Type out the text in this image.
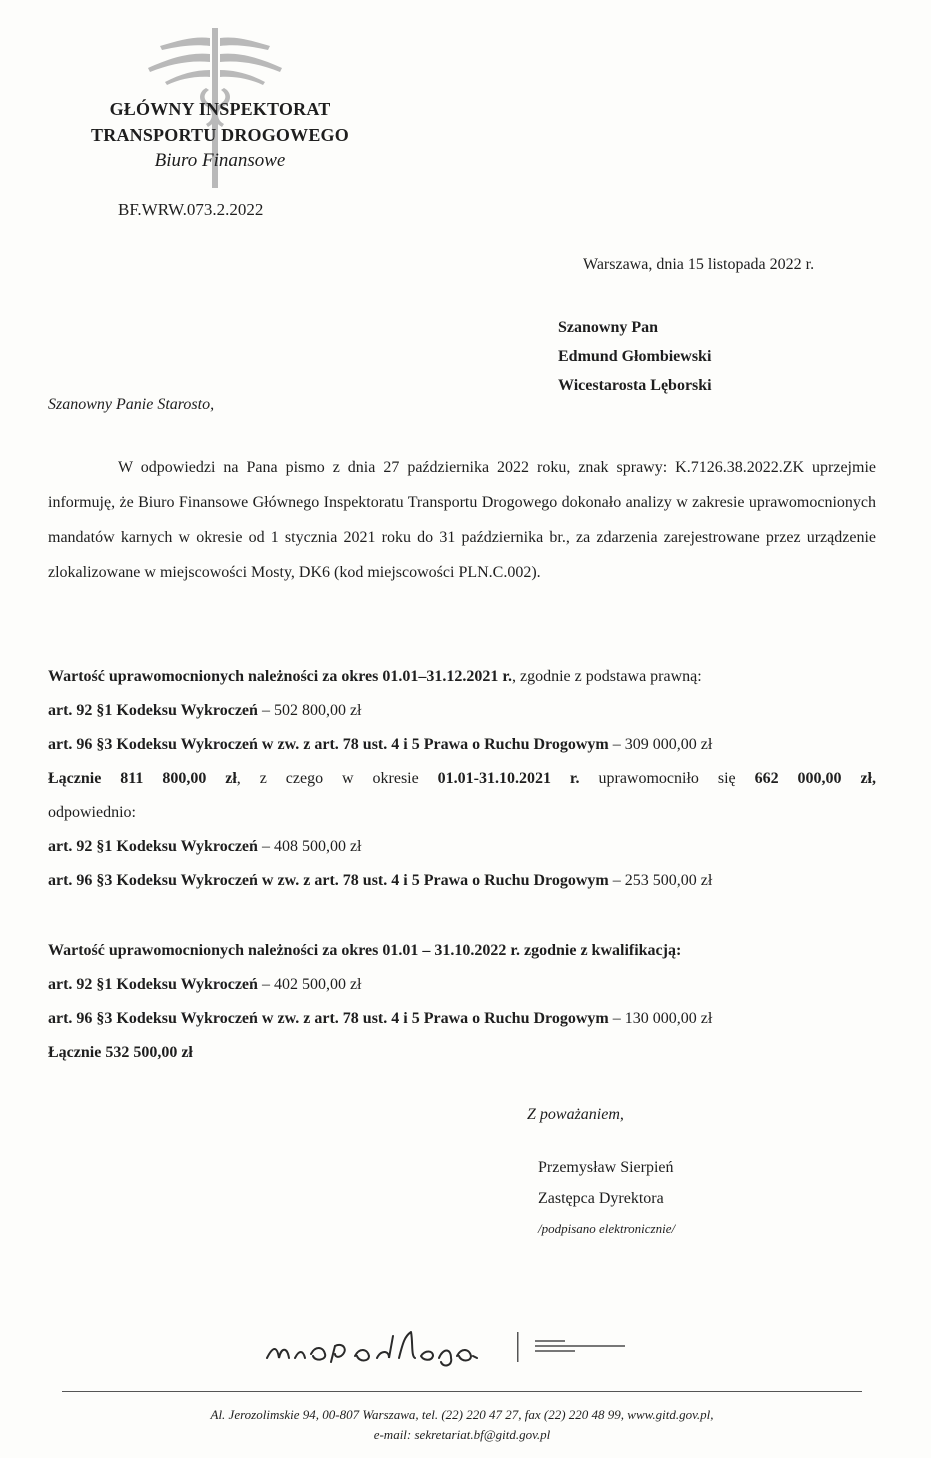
GŁÓWNY INSPEKTORAT
TRANSPORTU DROGOWEGO
Biuro Finansowe
BF.WRW.073.2.2022
Warszawa, dnia 15 listopada 2022 r.
Szanowny Pan
Edmund Głombiewski
Wicestarosta Lęborski
Szanowny Panie Starosto,

W odpowiedzi na Pana pismo z dnia 27 października 2022 roku, znak sprawy: K.7126.38.2022.ZK uprzejmie informuję, że Biuro Finansowe Głównego Inspektoratu Transportu Drogowego dokonało analizy w zakresie uprawomocnionych mandatów karnych w okresie od 1 stycznia 2021 roku do 31 października br., za zdarzenia zarejestrowane przez urządzenie zlokalizowane w miejscowości Mosty, DK6 (kod miejscowości PLN.C.002).

Wartość uprawomocnionych należności za okres 01.01–31.12.2021 r., zgodnie z podstawa prawną:
art. 92 §1 Kodeksu Wykroczeń – 502 800,00 zł
art. 96 §3 Kodeksu Wykroczeń w zw. z art. 78 ust. 4 i 5 Prawa o Ruchu Drogowym – 309 000,00 zł
Łącznie 811 800,00 zł, z czego w okresie 01.01-31.10.2021 r. uprawomocniło się 662 000,00 zł,
odpowiednio:
art. 92 §1 Kodeksu Wykroczeń – 408 500,00 zł
art. 96 §3 Kodeksu Wykroczeń w zw. z art. 78 ust. 4 i 5 Prawa o Ruchu Drogowym – 253 500,00 zł
Wartość uprawomocnionych należności za okres 01.01 – 31.10.2022 r. zgodnie z kwalifikacją:
art. 92 §1 Kodeksu Wykroczeń – 402 500,00 zł
art. 96 §3 Kodeksu Wykroczeń w zw. z art. 78 ust. 4 i 5 Prawa o Ruchu Drogowym – 130 000,00 zł
Łącznie 532 500,00 zł
Z poważaniem,
Przemysław Sierpień
Zastępca Dyrektora
/podpisano elektronicznie/
Al. Jerozolimskie 94, 00-807 Warszawa, tel. (22) 220 47 27, fax (22) 220 48 99, www.gitd.gov.pl,
e-mail: sekretariat.bf@gitd.gov.pl
